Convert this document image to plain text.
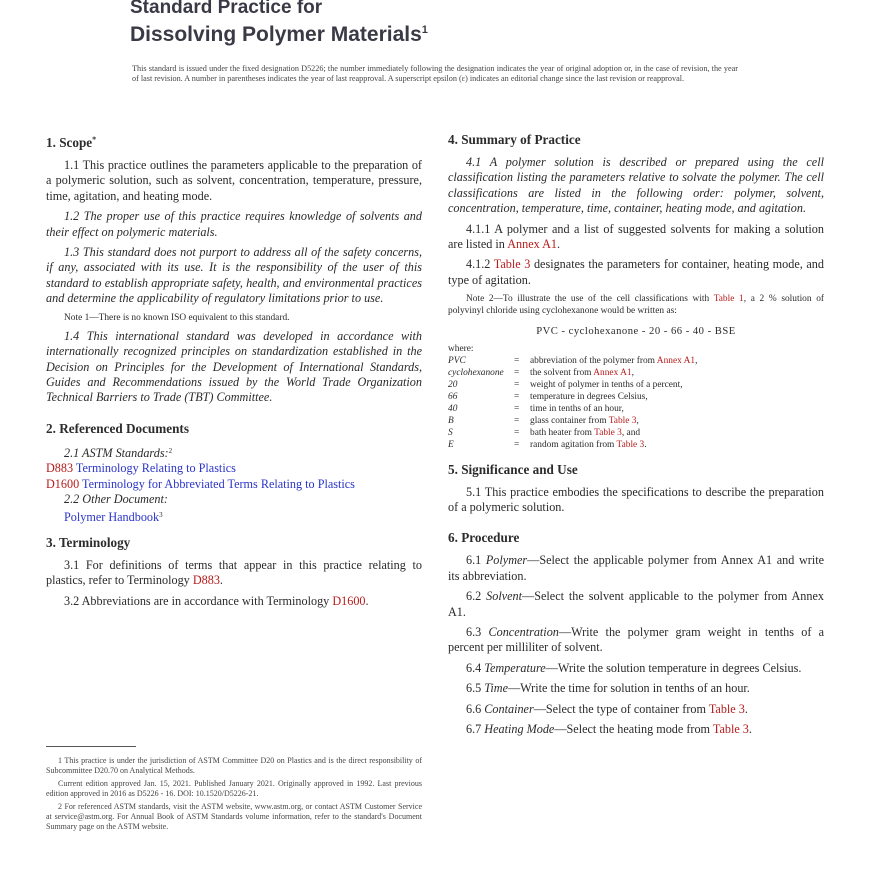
Standard Practice for
Dissolving Polymer Materials$^1$
This standard is issued under the fixed designation D5226; the number immediately following the designation indicates the year of original adoption or, in the case of revision, the year of last revision. A number in parentheses indicates the year of last reapproval. A superscript epsilon (ε) indicates an editorial change since the last revision or reapproval.
1. Scope*

1.1 This practice outlines the parameters applicable to the preparation of a polymeric solution, such as solvent, concentration, temperature, pressure, time, agitation, and heating mode.

1.2 The proper use of this practice requires knowledge of solvents and their effect on polymeric materials.

1.3 This standard does not purport to address all of the safety concerns, if any, associated with its use. It is the responsibility of the user of this standard to establish appropriate safety, health, and environmental practices and determine the applicability of regulatory limitations prior to use.

Note 1—There is no known ISO equivalent to this standard.

1.4 This international standard was developed in accordance with internationally recognized principles on standardization established in the Decision on Principles for the Development of International Standards, Guides and Recommendations issued by the World Trade Organization Technical Barriers to Trade (TBT) Committee.

2. Referenced Documents
2.1 ASTM Standards:$^2$
D883 Terminology Relating to Plastics
D1600 Terminology for Abbreviated Terms Relating to Plastics
2.2 Other Document:
Polymer Handbook$^3$
3. Terminology

3.1 For definitions of terms that appear in this practice relating to plastics, refer to Terminology D883.

3.2 Abbreviations are in accordance with Terminology D1600.

1 This practice is under the jurisdiction of ASTM Committee D20 on Plastics and is the direct responsibility of Subcommittee D20.70 on Analytical Methods.

Current edition approved Jan. 15, 2021. Published January 2021. Originally approved in 1992. Last previous edition approved in 2016 as D5226 - 16. DOI: 10.1520/D5226-21.

2 For referenced ASTM standards, visit the ASTM website, www.astm.org, or contact ASTM Customer Service at service@astm.org. For Annual Book of ASTM Standards volume information, refer to the standard's Document Summary page on the ASTM website.

4. Summary of Practice

4.1 A polymer solution is described or prepared using the cell classification listing the parameters relative to solvate the polymer. The cell classifications are listed in the following order: polymer, solvent, concentration, temperature, time, container, heating mode, and agitation.

4.1.1 A polymer and a list of suggested solvents for making a solution are listed in Annex A1.

4.1.2 Table 3 designates the parameters for container, heating mode, and type of agitation.

Note 2—To illustrate the use of the cell classifications with Table 1, a 2 % solution of polyvinyl chloride using cyclohexanone would be written as:
PVC - cyclohexanone - 20 - 66 - 40 - BSE
where:
PVC	= abbreviation of the polymer from Annex A1,
cyclohexanone = the solvent from Annex A1,
20	= weight of polymer in tenths of a percent,
66	= temperature in degrees Celsius,
40	= time in tenths of an hour,
B	= glass container from Table 3,
S	= bath heater from Table 3, and
E	= random agitation from Table 3.
5. Significance and Use

5.1 This practice embodies the specifications to describe the preparation of a polymeric solution.

6. Procedure

6.1 Polymer—Select the applicable polymer from Annex A1 and write its abbreviation.

6.2 Solvent—Select the solvent applicable to the polymer from Annex A1.

6.3 Concentration—Write the polymer gram weight in tenths of a percent per milliliter of solvent.

6.4 Temperature—Write the solution temperature in degrees Celsius.

6.5 Time—Write the time for solution in tenths of an hour.

6.6 Container—Select the type of container from Table 3.

6.7 Heating Mode—Select the heating mode from Table 3.
